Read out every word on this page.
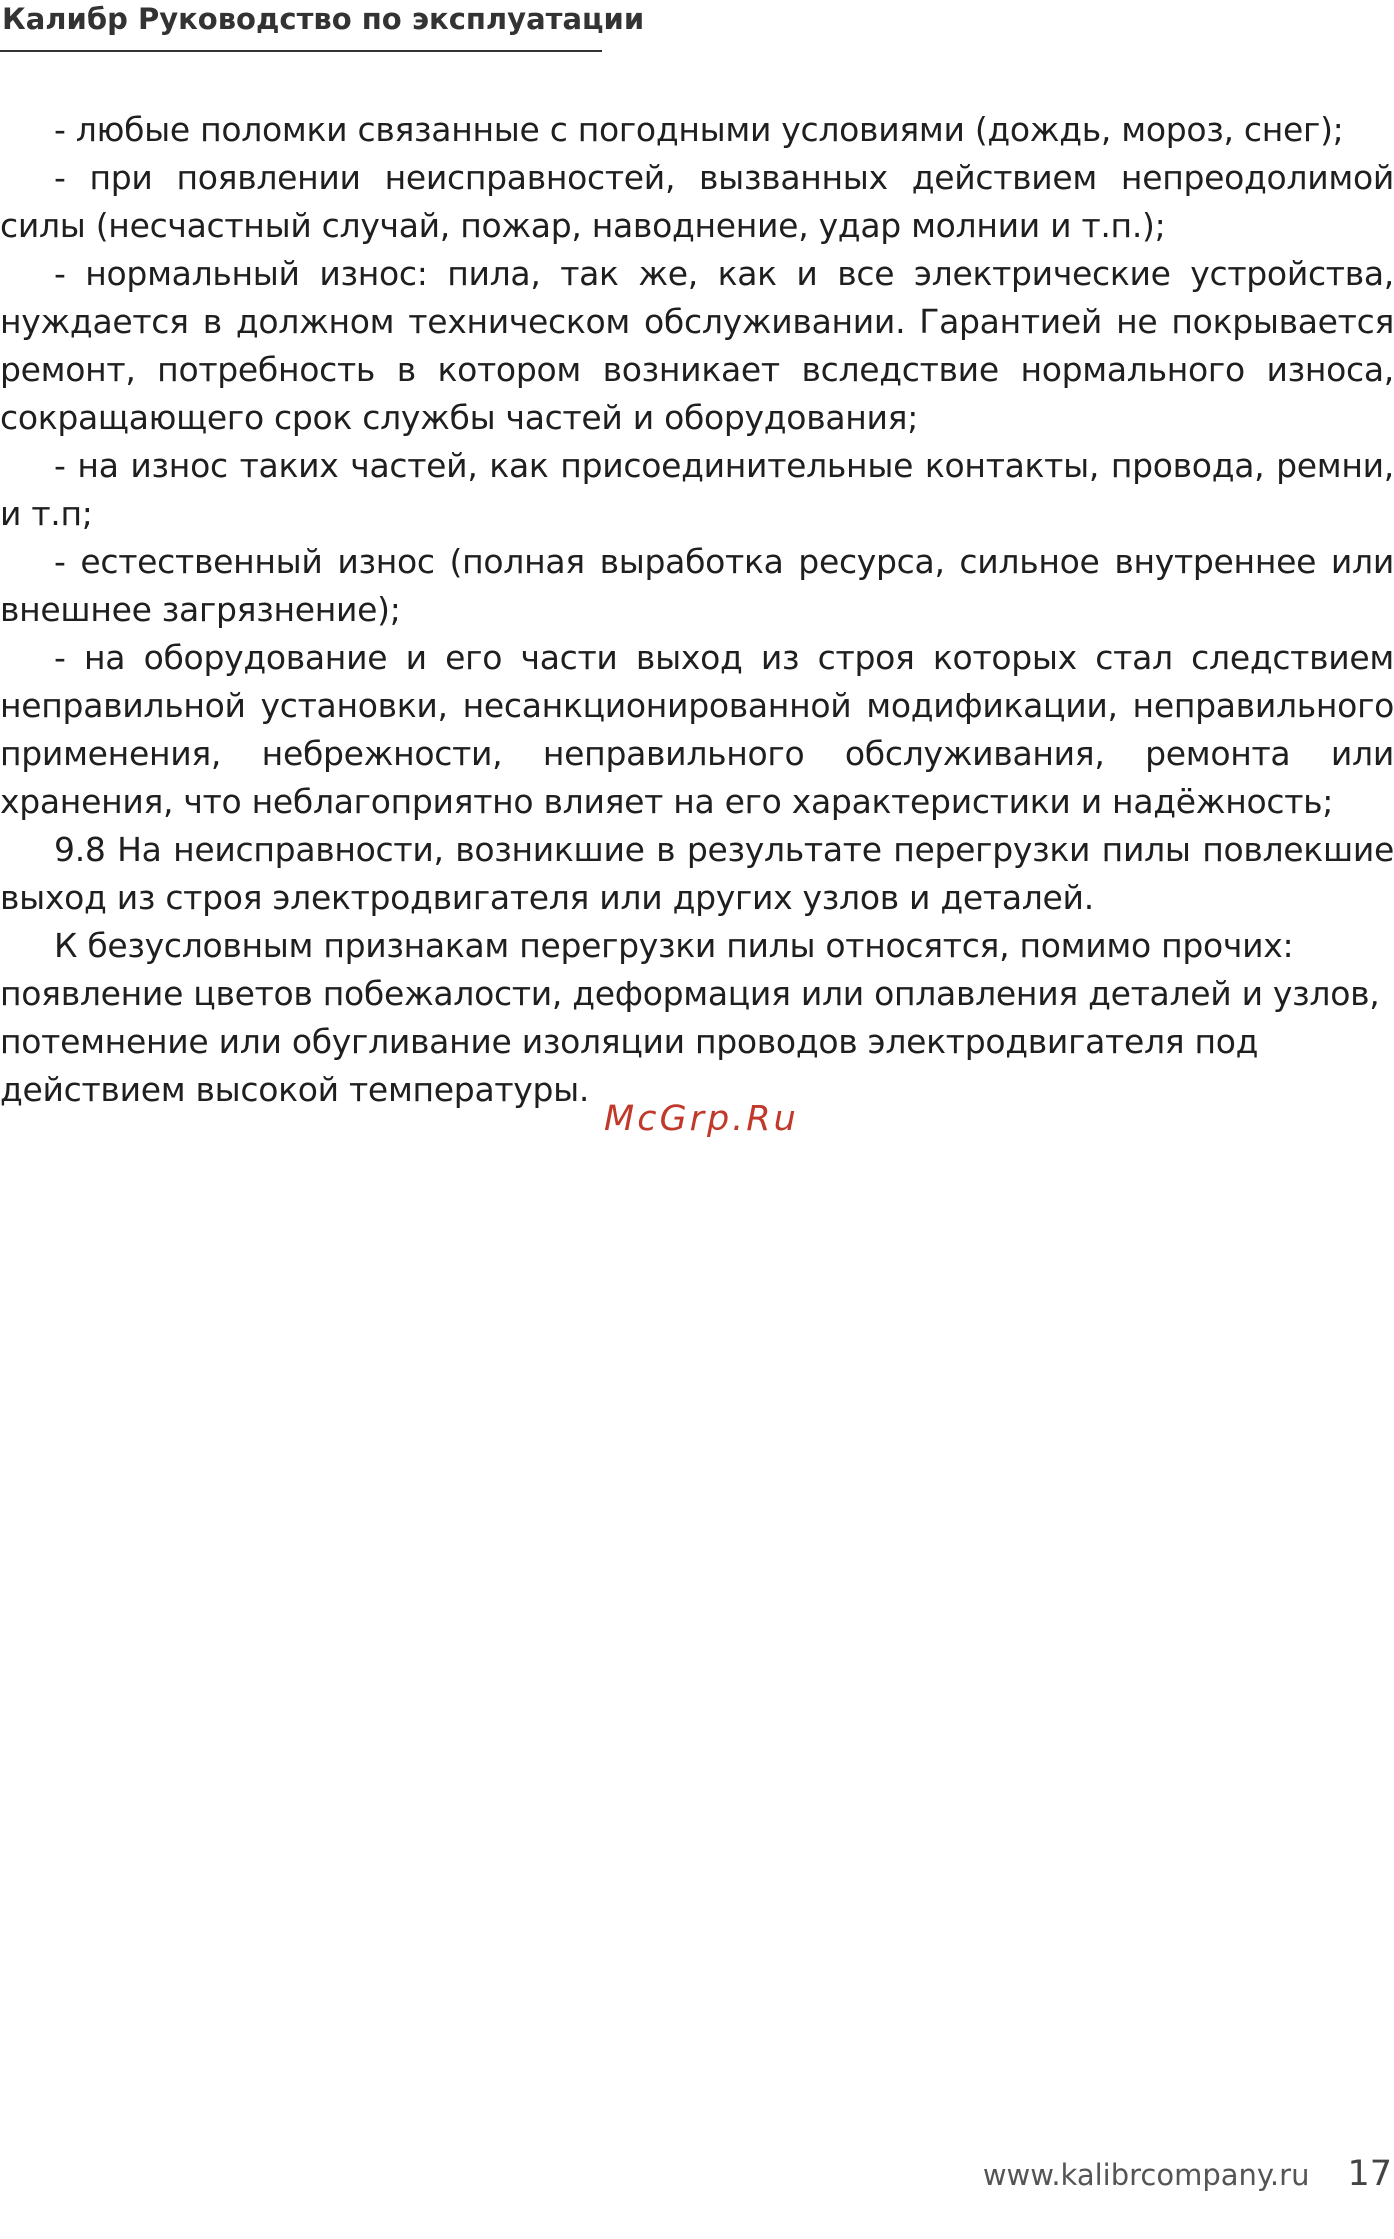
Калибр Руководство по эксплуатации

- любые поломки связанные с погодными условиями (дождь, мороз, снег);

- при появлении неисправностей, вызванных действием непреодолимой силы (несчастный случай, пожар, наводнение, удар молнии и т.п.);

- нормальный износ: пила, так же, как и все электрические устройства, нуждается в должном техническом обслуживании. Гарантией не покрывается ремонт, потребность в котором возникает вследствие нормального износа, сокращающего срок службы частей и оборудования;

- на износ таких частей, как присоединительные контакты, провода, ремни, и т.п;

- естественный износ (полная выработка ресурса, сильное внутреннее или внешнее загрязнение);

- на оборудование и его части выход из строя которых стал следствием неправильной установки, несанкционированной модификации, неправильного применения, небрежности, неправильного обслуживания, ремонта или хранения, что неблагоприятно влияет на его характеристики и надёжность;

9.8 На неисправности, возникшие в результате перегрузки пилы повлекшие выход из строя электродвигателя или других узлов и деталей.

К безусловным признакам перегрузки пилы относятся, помимо прочих: появление цветов побежалости, деформация или оплавления деталей и узлов, потемнение или обугливание изоляции проводов электродвигателя под действием высокой температуры.

McGrp.Ru
www.kalibrcompany.ru 17
